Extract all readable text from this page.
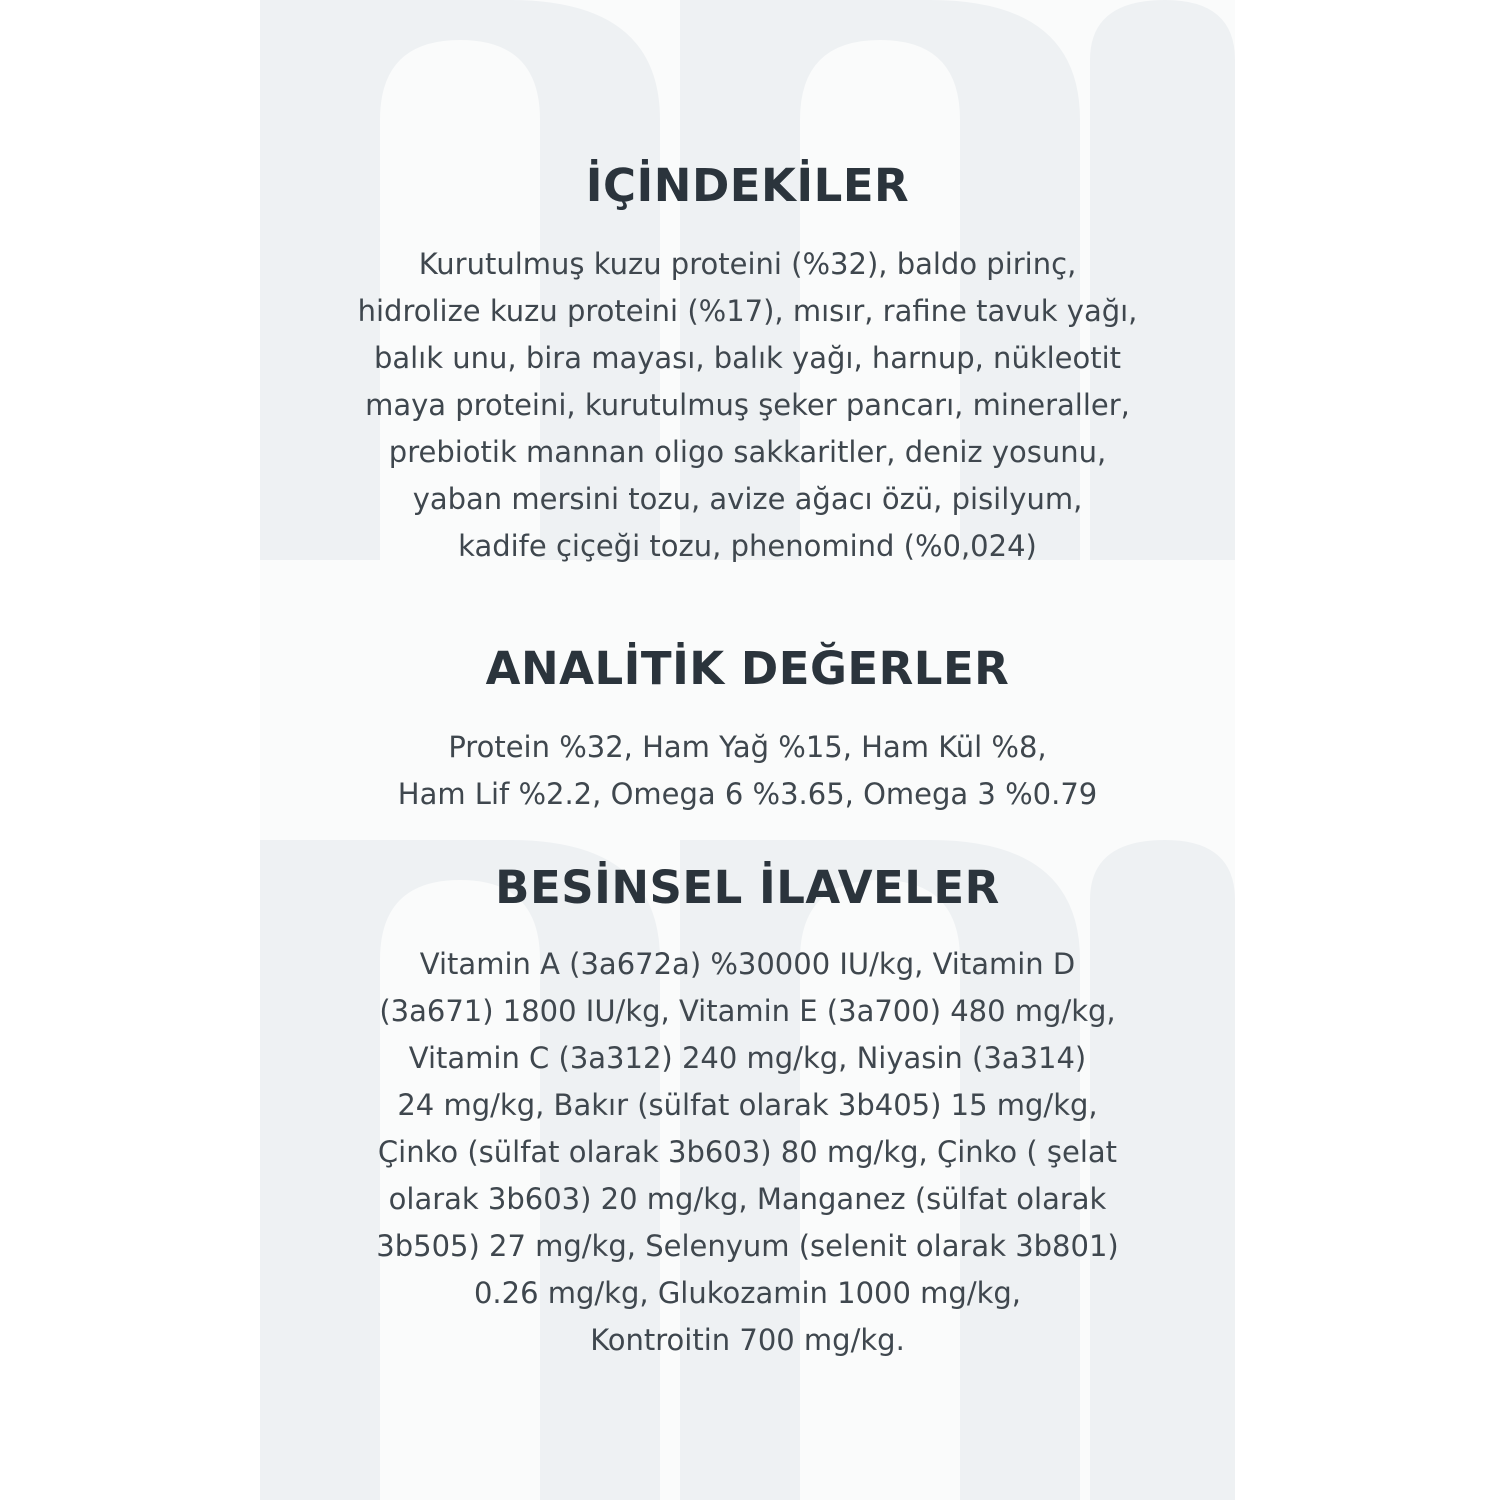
İÇİNDEKİLER
Kurutulmuş kuzu proteini (%32), baldo pirinç,
hidrolize kuzu proteini (%17), mısır, rafine tavuk yağı,
balık unu, bira mayası, balık yağı, harnup, nükleotit
maya proteini, kurutulmuş şeker pancarı, mineraller,
prebiotik mannan oligo sakkaritler, deniz yosunu,
yaban mersini tozu, avize ağacı özü, pisilyum,
kadife çiçeği tozu, phenomind (%0,024)
ANALİTİK DEĞERLER
Protein %32, Ham Yağ %15, Ham Kül %8,
Ham Lif %2.2, Omega 6 %3.65, Omega 3 %0.79
BESİNSEL İLAVELER
Vitamin A (3a672a) %30000 IU/kg, Vitamin D
(3a671) 1800 IU/kg, Vitamin E (3a700) 480 mg/kg,
Vitamin C (3a312) 240 mg/kg, Niyasin (3a314)
24 mg/kg, Bakır (sülfat olarak 3b405) 15 mg/kg,
Çinko (sülfat olarak 3b603) 80 mg/kg, Çinko ( şelat
olarak 3b603) 20 mg/kg, Manganez (sülfat olarak
3b505) 27 mg/kg, Selenyum (selenit olarak 3b801)
0.26 mg/kg, Glukozamin 1000 mg/kg,
Kontroitin 700 mg/kg.
